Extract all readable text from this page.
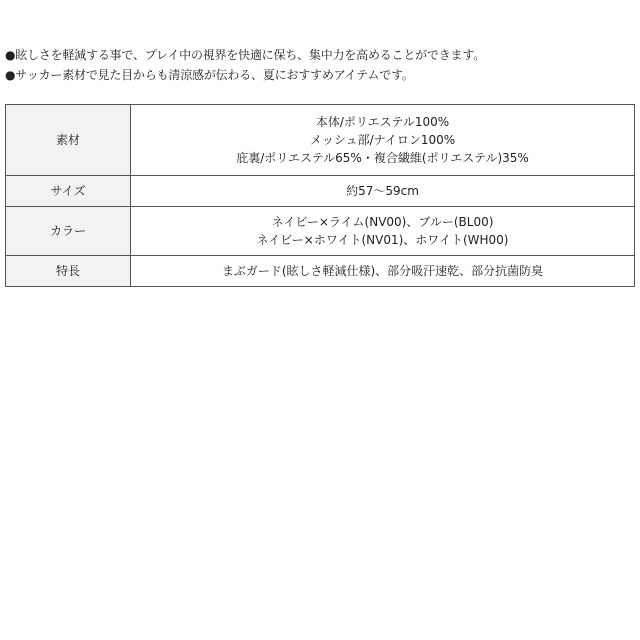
●眩しさを軽減する事で、プレイ中の視界を快適に保ち、集中力を高めることができます。
●サッカー素材で見た目からも清涼感が伝わる、夏におすすめアイテムです。
素材	本体/ポリエステル100%
メッシュ部/ナイロン100%
庇裏/ポリエステル65%・複合繊維(ポリエステル)35%

サイズ	約57〜59cm
カラー	ネイビー×ライム(NV00)、ブルー(BL00)
ネイビー×ホワイト(NV01)、ホワイト(WH00)

特長	まぶガード(眩しさ軽減仕様)、部分吸汗速乾、部分抗菌防臭
